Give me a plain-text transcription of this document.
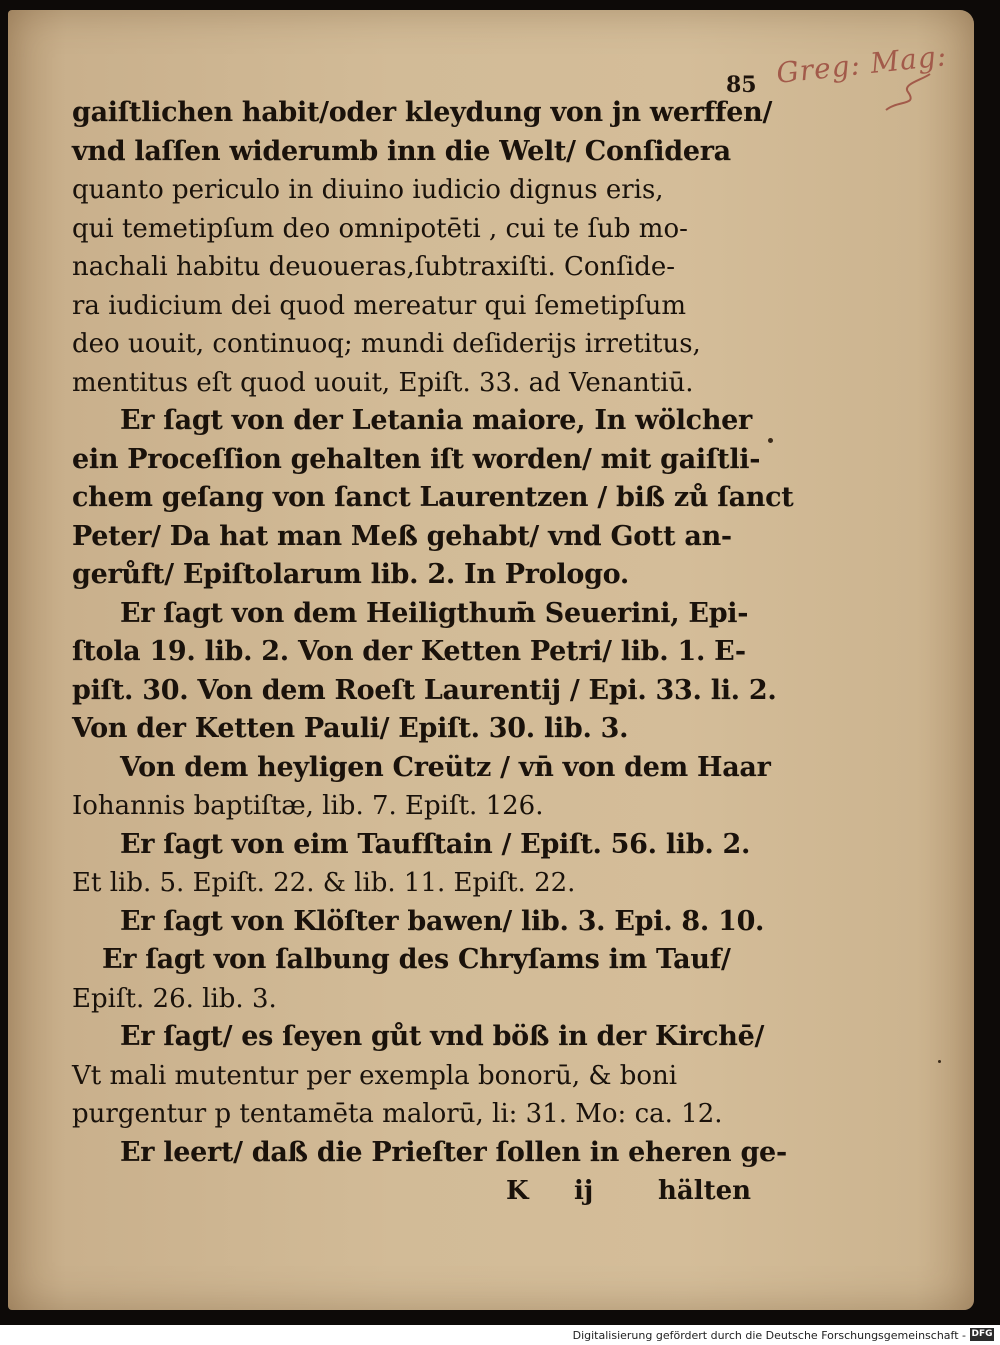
85 Greg: Mag:
gaiſtlichen habit/oder kleydung von jn werffen/
vnd laſſen widerumb inn die Welt/ Conſidera
quanto periculo in diuino iudicio dignus eris,
qui temetipſum deo omnipotēti , cui te ſub mo-
nachali habitu deuoueras,ſubtraxiſti. Conſide-
ra iudicium dei quod mereatur qui ſemetipſum
deo uouit, continuoq; mundi deſiderijs irretitus,
mentitus eſt quod uouit, Epiſt. 33. ad Venantiū.
Er ſagt von der Letania maiore, In wölcher
ein Proceſſion gehalten iſt worden/ mit gaiſtli-
chem geſang von ſanct Laurentzen / biß zů ſanct
Peter/ Da hat man Meß gehabt/ vnd Gott an-
gerůft/ Epiſtolarum lib. 2. In Prologo.
Er ſagt von dem Heiligthum̄ Seuerini, Epi-
ſtola 19. lib. 2. Von der Ketten Petri/ lib. 1. E-
piſt. 30. Von dem Roeſt Laurentij / Epi. 33. li. 2.
Von der Ketten Pauli/ Epiſt. 30. lib. 3.
Von dem heyligen Creütz / vn̄ von dem Haar
Iohannis baptiſtæ, lib. 7. Epiſt. 126.
Er ſagt von eim Taufſtain / Epiſt. 56. lib. 2.
Et lib. 5. Epiſt. 22. & lib. 11. Epiſt. 22.
Er ſagt von Klöſter bawen/ lib. 3. Epi. 8. 10.
Er ſagt von ſalbung des Chryſams im Tauf/
Epiſt. 26. lib. 3.
Er ſagt/ es ſeyen gůt vnd böß in der Kirchē/
Vt mali mutentur per exempla bonorū, & boni
purgentur p tentamēta malorū, li: 31. Mo: ca. 12.
Er leert/ daß die Prieſter ſollen in eheren ge-
K ij hälten
Digitalisierung gefördert durch die Deutsche Forschungsgemeinschaft - DFG
